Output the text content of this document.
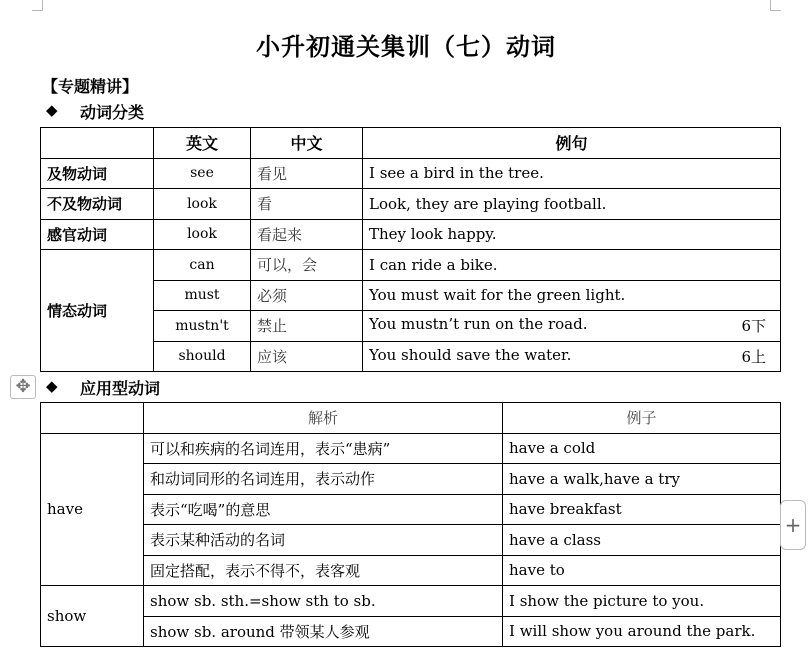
小升初通关集训（七）动词
【专题精讲】
◆ 动词分类
	英文	中文	例句
及物动词	see	看见	I see a bird in the tree.
不及物动词	look	看	Look, they are playing football.
感官动词	look	看起来	They look happy.
情态动词	can	可以，会	I can ride a bike.
	must	必须	You must wait for the green light.
	mustn't	禁止	You mustn’t run on the road. 6下

	should	应该	You should save the water. 6上
✥	◆ 应用型动词
	解析	例子
have	可以和疾病的名词连用，表示“患病”	have a cold
	和动词同形的名词连用，表示动作	have a walk,have a try
	表示“吃喝”的意思	have breakfast
	表示某种活动的名词	have a class
	固定搭配，表示不得不，表客观	have to
show	show sb. sth.=show sth to sb.	I show the picture to you.
	show sb. around 带领某人参观	I will show you around the park.
+
